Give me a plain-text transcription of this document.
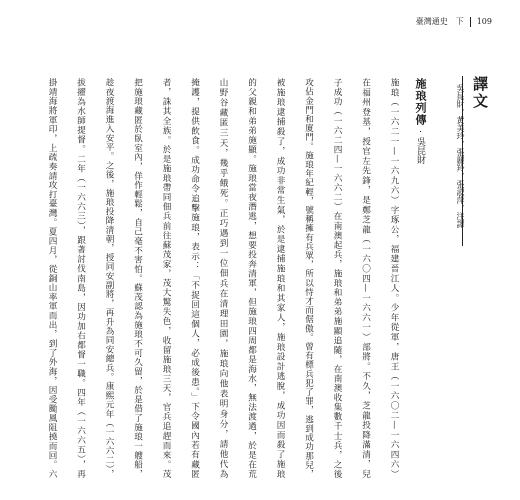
臺灣通史　下 109
譯文
吳昆財、黃美玲、張麗羚、張淑萍、注譯
施琅列傳吳昆財
施琅（一六二一—一六九六）字琢公，福建晉江人。少年從軍，唐王（一六〇二—一六四六）
在福州登基，授官左先鋒，是鄭芝龍（一六〇四—一六六一）部將。不久，芝龍投降滿清，兒
子成功（一六二四—一六六二）在南澳起兵，施琅和弟弟施顯追隨，在南澳收集數千士兵，之後
攻佔金門和廈門。施琅年紀輕，號稱擁有兵眾，所以恃才而倨傲。曾有標兵犯了罪，逃到成功那兒，
被施琅逮捕殺了，成功非常生氣，於是逮捕施琅和其家人，施琅設計逃脫，成功因而殺了施琅
的父親和弟弟施顯。施琅當夜潛逃，想要投奔清軍，但施琅四周都是海水，無法渡過，於是在荒
山野谷藏匿三天，幾乎餓死。正巧遇到一位佃兵在清理田園，施琅向他表明身分，請他代為
掩護，提供飲食。成功命令追擊施琅，表示：「不捉回這個人，必成後患。」下令國內若有藏匿
者，誅其全族。於是施琅帶同佃兵前往蘇茂家，茂大驚失色，收留施琅三天，官兵追趕而來。茂
把施琅藏匿於臥室內，佯作輕鬆，自己毫不害怕。蘇茂認為施琅不可久留，於是借了施琅一艘船，
趁夜渡海進入安平。之後，施琅投降清朝，授同安副將，再升為同安總兵。康熙元年（一六六二），
拔擢為水師提督。二年（一六六三），跟著討伐南島，因功加右都督一職。四年（一六六五），再
掛靖海將軍印，上疏奏請攻打臺灣。夏四月，從銅山率軍而出，到了外海，因受颱風阻撓而回。六
